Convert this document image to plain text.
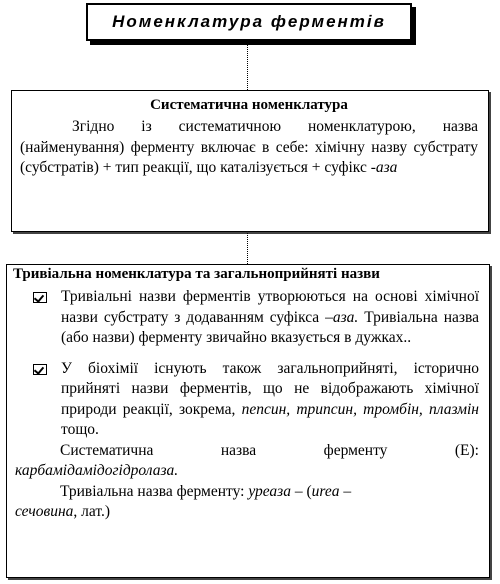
Номенклатура ферментів
Систематична номенклатура

Згідно із систематичною номенклатурою, назва (найменування) ферменту включає в себе: хімічну назву субстрату (субстратів) + тип реакції, що каталізується + суфікс -аза

Тривіальна номенклатура та загальноприйняті назви
Тривіальні назви ферментів утворюються на основі хімічної назви субстрату з додаванням суфікса –аза. Тривіальна назва (або назви) ферменту звичайно вказується в дужках..
У біохімії існують також загальноприйняті, історично прийняті назви ферментів, що не відображають хімічної природи реакції, зокрема, пепсин, трипсин, тромбін, плазмін тощо.
Систематична	назва	ферменту	(Е):
карбамідамідогідролаза.
Тривіальна назва ферменту: уреаза – (urea –
сечовина, лат.)
